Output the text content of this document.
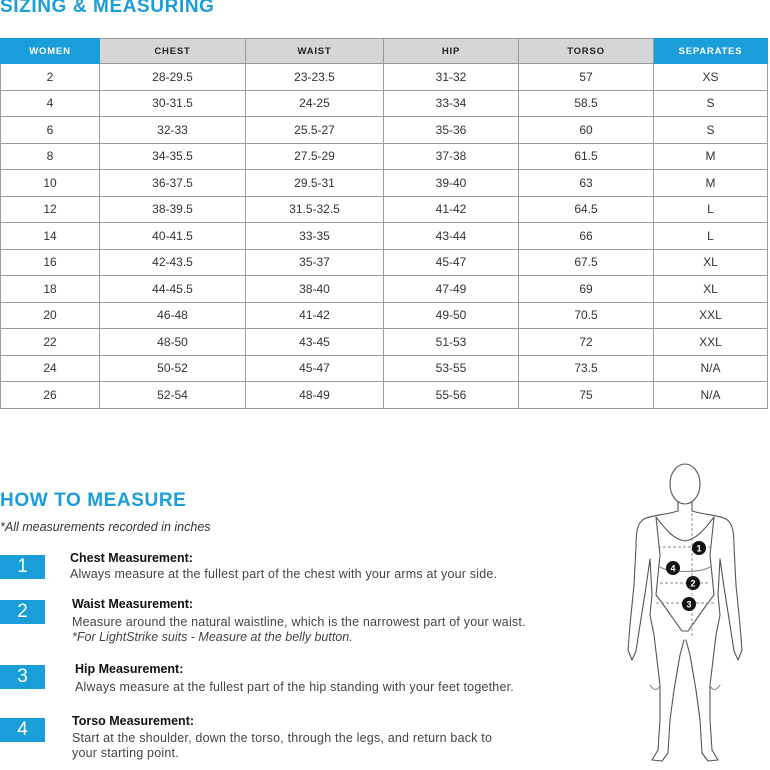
SIZING & MEASURING
WOMEN	CHEST	WAIST	HIP	TORSO	SEPARATES
2	28-29.5	23-23.5	31-32	57	XS
4	30-31.5	24-25	33-34	58.5	S
6	32-33	25.5-27	35-36	60	S
8	34-35.5	27.5-29	37-38	61.5	M
10	36-37.5	29.5-31	39-40	63	M
12	38-39.5	31.5-32.5	41-42	64.5	L
14	40-41.5	33-35	43-44	66	L
16	42-43.5	35-37	45-47	67.5	XL
18	44-45.5	38-40	47-49	69	XL
20	46-48	41-42	49-50	70.5	XXL
22	48-50	43-45	51-53	72	XXL
24	50-52	45-47	53-55	73.5	N/A
26	52-54	48-49	55-56	75	N/A
HOW TO MEASURE
*All measurements recorded in inches
1	Chest Measurement:
Always measure at the fullest part of the chest with your arms at your side.
2	Waist Measurement:
Measure around the natural waistline, which is the narrowest part of your waist.
*For LightStrike suits - Measure at the belly button.
3	Hip Measurement:
Always measure at the fullest part of the hip standing with your feet together.
4	Torso Measurement:
Start at the shoulder, down the torso, through the legs, and return back to
your starting point.
1
2
3
4
